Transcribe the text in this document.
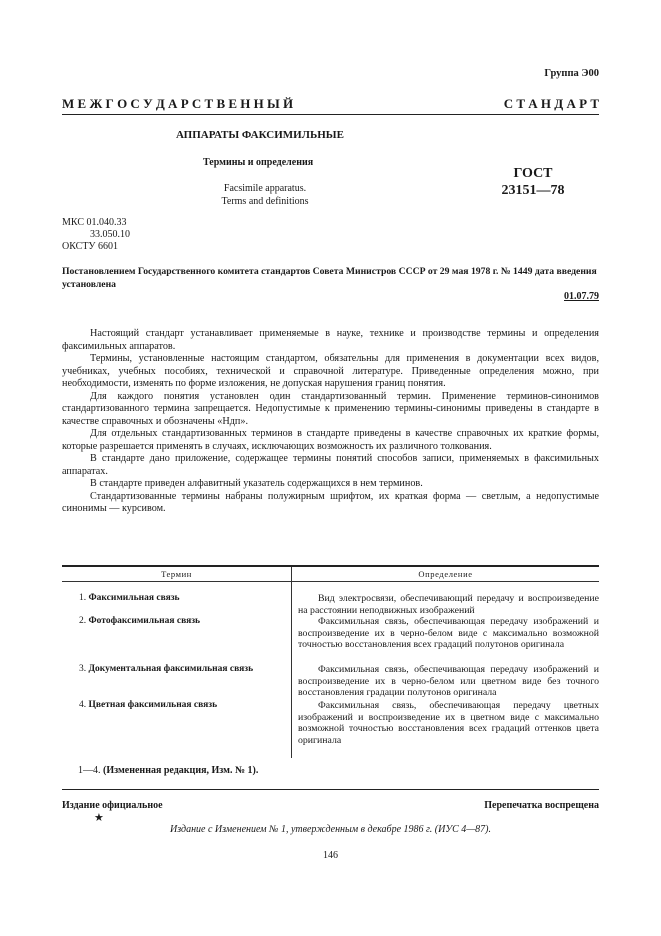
Группа Э00
М Е Ж Г О С У Д А Р С Т В Е Н Н Ы Й	С Т А Н Д А Р Т
АППАРАТЫ ФАКСИМИЛЬНЫЕ
Термины и определения
Facsimile apparatus.
Terms and definitions
ГОСТ
23151—78
МКС 01.040.33
33.050.10
ОКСТУ 6601
Постановлением Государственного комитета стандартов Совета Министров СССР от 29 мая 1978 г. № 1449 дата введения установлена
01.07.79

Настоящий стандарт устанавливает применяемые в науке, технике и производстве термины и определения факсимильных аппаратов.

Термины, установленные настоящим стандартом, обязательны для применения в документации всех видов, учебниках, учебных пособиях, технической и справочной литературе. Приведенные определения можно, при необходимости, изменять по форме изложения, не допуская нарушения границ понятия.

Для каждого понятия установлен один стандартизованный термин. Применение терминов-синонимов стандартизованного термина запрещается. Недопустимые к применению термины-синонимы приведены в стандарте в качестве справочных и обозначены «Ндп».

Для отдельных стандартизованных терминов в стандарте приведены в качестве справочных их краткие формы, которые разрешается применять в случаях, исключающих возможность их различного толкования.

В стандарте дано приложение, содержащее термины понятий способов записи, применяемых в факсимильных аппаратах.

В стандарте приведен алфавитный указатель содержащихся в нем терминов.

Стандартизованные термины набраны полужирным шрифтом, их краткая форма — светлым, а недопустимые синонимы — курсивом.

Термин	Определение
1. Факсимильная связь	Вид электросвязи, обеспечивающий передачу и воспроизведение на расстоянии неподвижных изображений
2. Фотофаксимильная связь	Факсимильная связь, обеспечивающая передачу изображений и воспроизведение их в черно-белом виде с максимально возможной точностью восстановления всех градаций полутонов оригинала
3. Документальная факсимильная связь	Факсимильная связь, обеспечивающая передачу изображений и воспроизведение их в черно-белом или цветном виде без точного восстановления градации полутонов оригинала
4. Цветная факсимильная связь	Факсимильная связь, обеспечивающая передачу цветных изображений и воспроизведение их в цветном виде с максимально возможной точностью восстановления всех градаций оттенков цвета оригинала
1—4. (Измененная редакция, Изм. № 1).
Издание официальное	Перепечатка воспрещена
★
Издание с Изменением № 1, утвержденным в декабре 1986 г. (ИУС 4—87).
146
